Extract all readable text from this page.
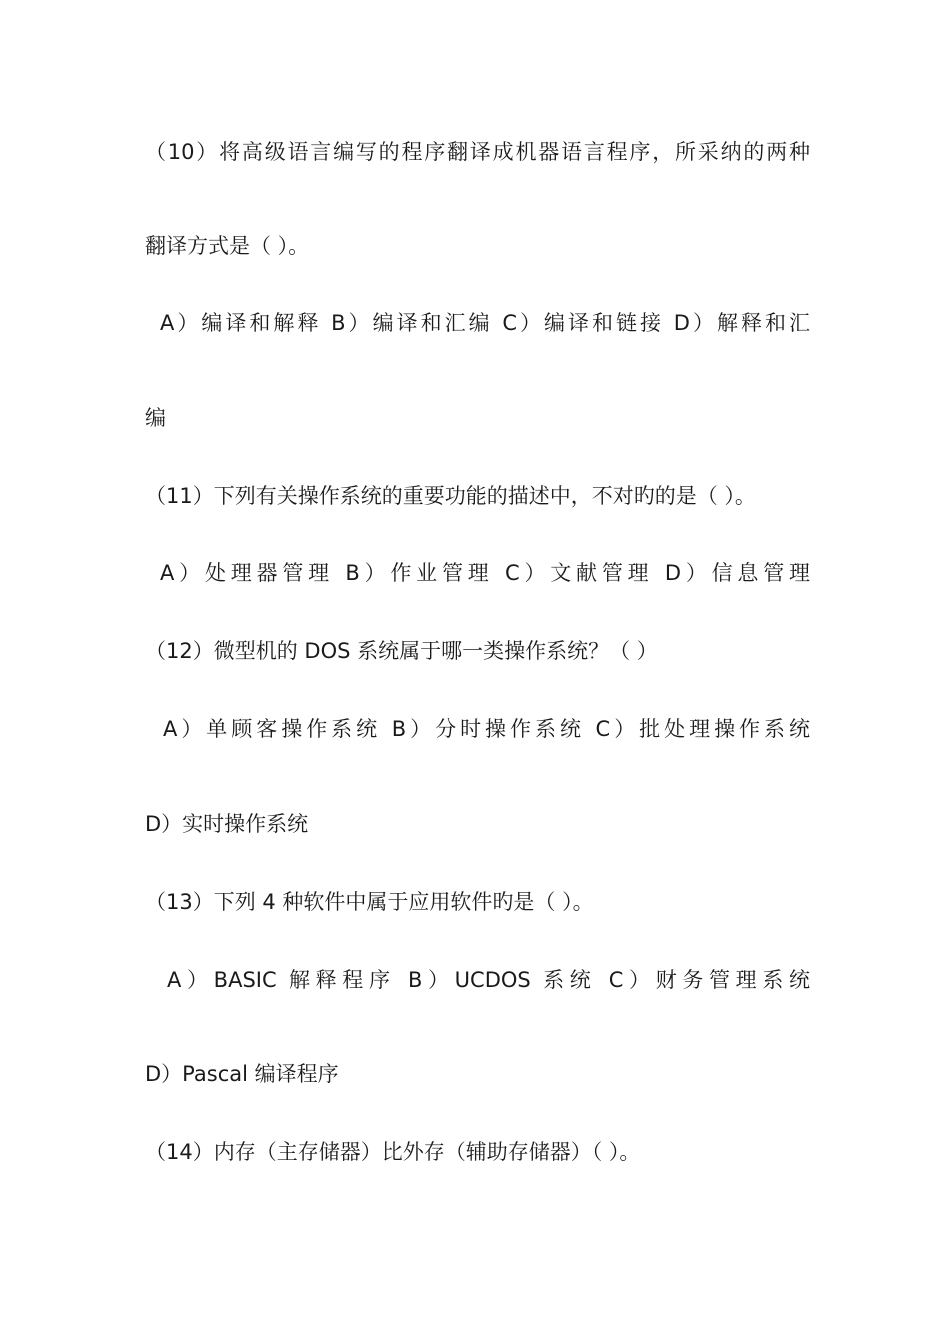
（10）将高级语言编写的程序翻译成机器语言程序，所采纳的两种
翻译方式是（ ）。
A）编译和解释 B）编译和汇编 C）编译和链接 D）解释和汇
编
（11）下列有关操作系统的重要功能的描述中，不对旳的是（ ）。
A）处理器管理 B）作业管理 C）文献管理 D）信息管理
（12）微型机的 DOS 系统属于哪一类操作系统？（ ）
A）单顾客操作系统 B）分时操作系统 C）批处理操作系统
D）实时操作系统
（13）下列 4 种软件中属于应用软件旳是（ ）。
A）BASIC 解释程序 B）UCDOS 系统 C）财务管理系统
D）Pascal 编译程序
（14）内存（主存储器）比外存（辅助存储器）（ ）。
